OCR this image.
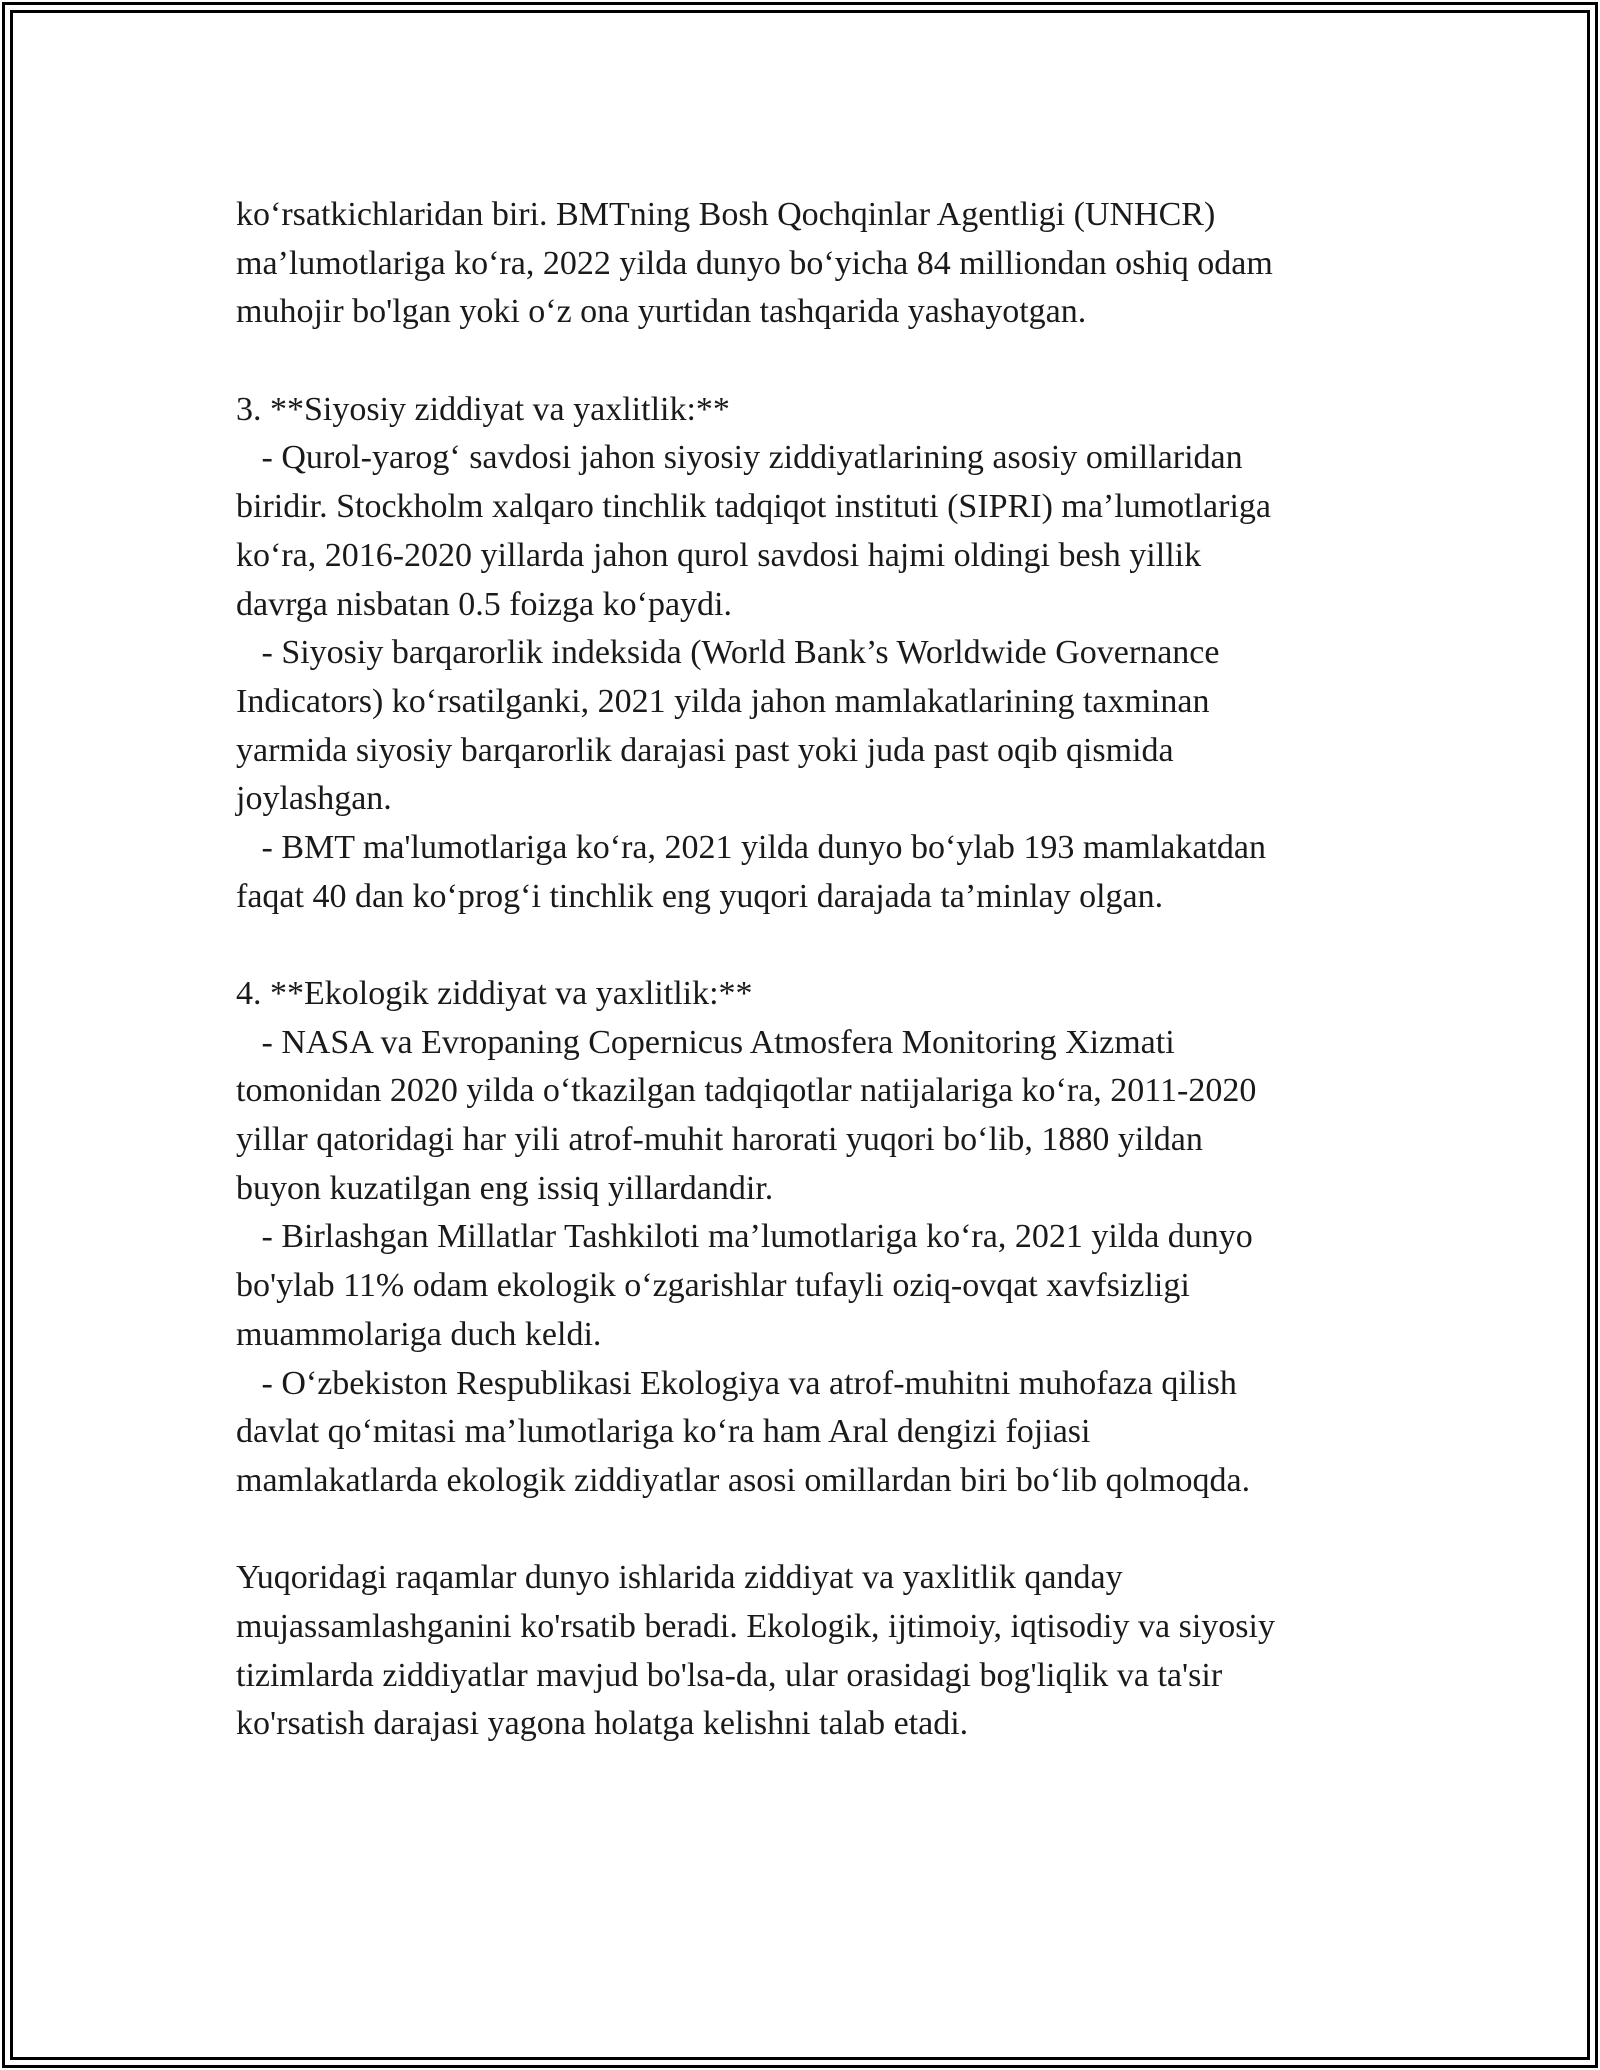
ko‘rsatkichlaridan biri. BMTning Bosh Qochqinlar Agentligi (UNHCR)
ma’lumotlariga ko‘ra, 2022 yilda dunyo bo‘yicha 84 milliondan oshiq odam
muhojir bo'lgan yoki o‘z ona yurtidan tashqarida yashayotgan.
3. **Siyosiy ziddiyat va yaxlitlik:**
- Qurol-yarog‘ savdosi jahon siyosiy ziddiyatlarining asosiy omillaridan
biridir. Stockholm xalqaro tinchlik tadqiqot instituti (SIPRI) ma’lumotlariga
ko‘ra, 2016-2020 yillarda jahon qurol savdosi hajmi oldingi besh yillik
davrga nisbatan 0.5 foizga ko‘paydi.
- Siyosiy barqarorlik indeksida (World Bank’s Worldwide Governance
Indicators) ko‘rsatilganki, 2021 yilda jahon mamlakatlarining taxminan
yarmida siyosiy barqarorlik darajasi past yoki juda past oqib qismida
joylashgan.
- BMT ma'lumotlariga ko‘ra, 2021 yilda dunyo bo‘ylab 193 mamlakatdan
faqat 40 dan ko‘prog‘i tinchlik eng yuqori darajada ta’minlay olgan.
4. **Ekologik ziddiyat va yaxlitlik:**
- NASA va Evropaning Copernicus Atmosfera Monitoring Xizmati
tomonidan 2020 yilda o‘tkazilgan tadqiqotlar natijalariga ko‘ra, 2011-2020
yillar qatoridagi har yili atrof-muhit harorati yuqori bo‘lib, 1880 yildan
buyon kuzatilgan eng issiq yillardandir.
- Birlashgan Millatlar Tashkiloti ma’lumotlariga ko‘ra, 2021 yilda dunyo
bo'ylab 11% odam ekologik o‘zgarishlar tufayli oziq-ovqat xavfsizligi
muammolariga duch keldi.
- O‘zbekiston Respublikasi Ekologiya va atrof-muhitni muhofaza qilish
davlat qo‘mitasi ma’lumotlariga ko‘ra ham Aral dengizi fojiasi
mamlakatlarda ekologik ziddiyatlar asosi omillardan biri bo‘lib qolmoqda.
Yuqoridagi raqamlar dunyo ishlarida ziddiyat va yaxlitlik qanday
mujassamlashganini ko'rsatib beradi. Ekologik, ijtimoiy, iqtisodiy va siyosiy
tizimlarda ziddiyatlar mavjud bo'lsa-da, ular orasidagi bog'liqlik va ta'sir
ko'rsatish darajasi yagona holatga kelishni talab etadi.
